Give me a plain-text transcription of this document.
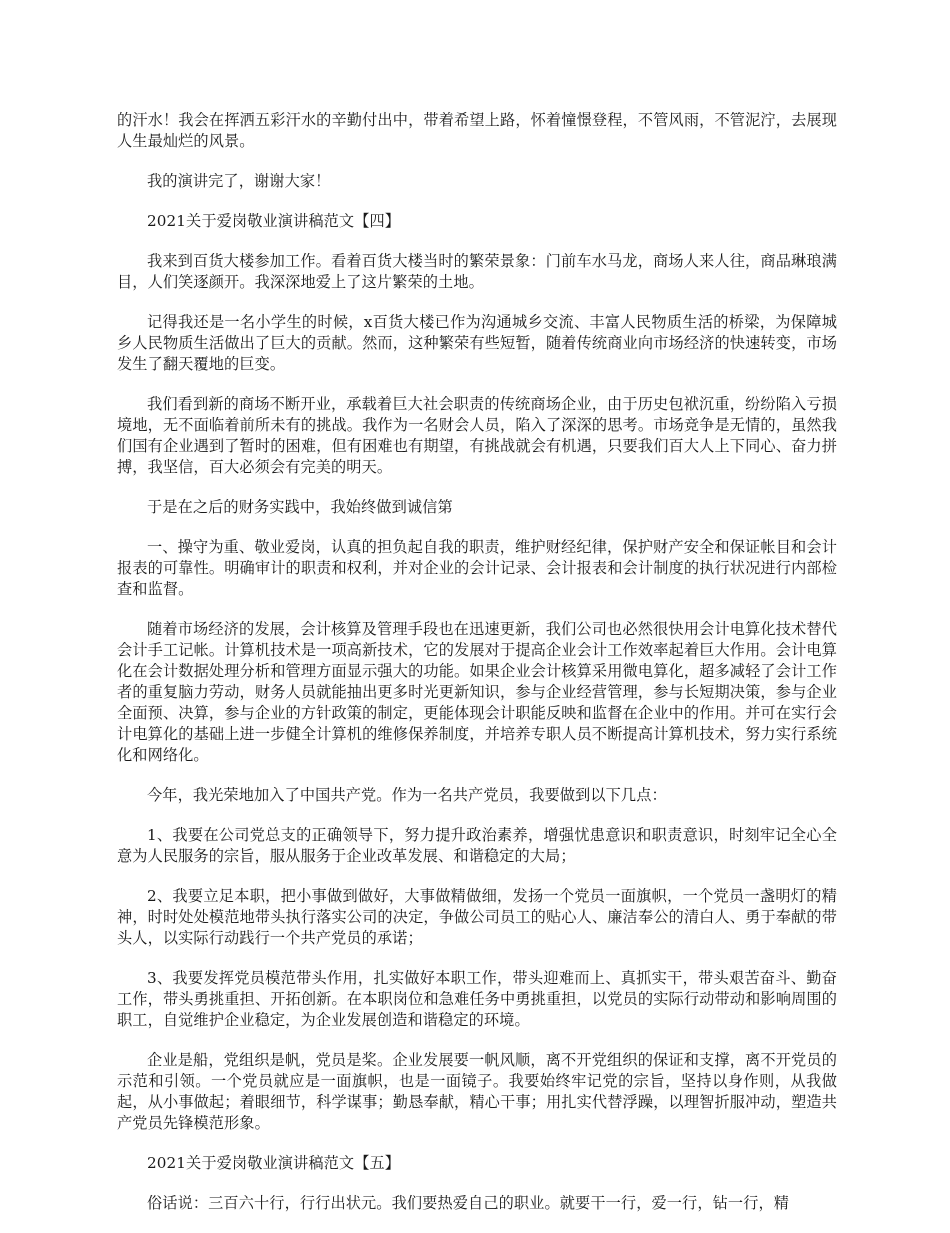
的汗水！我会在挥洒五彩汗水的辛勤付出中，带着希望上路，怀着憧憬登程，不管风雨，不管泥泞，去展现人生最灿烂的风景。

我的演讲完了，谢谢大家！

2021关于爱岗敬业演讲稿范文【四】

我来到百货大楼参加工作。看着百货大楼当时的繁荣景象：门前车水马龙，商场人来人往，商品琳琅满目，人们笑逐颜开。我深深地爱上了这片繁荣的土地。

记得我还是一名小学生的时候，x百货大楼已作为沟通城乡交流、丰富人民物质生活的桥梁，为保障城乡人民物质生活做出了巨大的贡献。然而，这种繁荣有些短暂，随着传统商业向市场经济的快速转变，市场发生了翻天覆地的巨变。

我们看到新的商场不断开业，承载着巨大社会职责的传统商场企业，由于历史包袱沉重，纷纷陷入亏损境地，无不面临着前所未有的挑战。我作为一名财会人员，陷入了深深的思考。市场竞争是无情的，虽然我们国有企业遇到了暂时的困难，但有困难也有期望，有挑战就会有机遇，只要我们百大人上下同心、奋力拼搏，我坚信，百大必须会有完美的明天。

于是在之后的财务实践中，我始终做到诚信第

一、操守为重、敬业爱岗，认真的担负起自我的职责，维护财经纪律，保护财产安全和保证帐目和会计报表的可靠性。明确审计的职责和权利，并对企业的会计记录、会计报表和会计制度的执行状况进行内部检查和监督。

随着市场经济的发展，会计核算及管理手段也在迅速更新，我们公司也必然很快用会计电算化技术替代会计手工记帐。计算机技术是一项高新技术，它的发展对于提高企业会计工作效率起着巨大作用。会计电算化在会计数据处理分析和管理方面显示强大的功能。如果企业会计核算采用微电算化，超多减轻了会计工作者的重复脑力劳动，财务人员就能抽出更多时光更新知识，参与企业经营管理，参与长短期决策，参与企业全面预、决算，参与企业的方针政策的制定，更能体现会计职能反映和监督在企业中的作用。并可在实行会计电算化的基础上进一步健全计算机的维修保养制度，并培养专职人员不断提高计算机技术，努力实行系统化和网络化。

今年，我光荣地加入了中国共产党。作为一名共产党员，我要做到以下几点：

1、我要在公司党总支的正确领导下，努力提升政治素养，增强忧患意识和职责意识，时刻牢记全心全意为人民服务的宗旨，服从服务于企业改革发展、和谐稳定的大局；

2、我要立足本职，把小事做到做好，大事做精做细，发扬一个党员一面旗帜，一个党员一盏明灯的精神，时时处处模范地带头执行落实公司的决定，争做公司员工的贴心人、廉洁奉公的清白人、勇于奉献的带头人，以实际行动践行一个共产党员的承诺；

3、我要发挥党员模范带头作用，扎实做好本职工作，带头迎难而上、真抓实干，带头艰苦奋斗、勤奋工作，带头勇挑重担、开拓创新。在本职岗位和急难任务中勇挑重担，以党员的实际行动带动和影响周围的职工，自觉维护企业稳定，为企业发展创造和谐稳定的环境。

企业是船，党组织是帆，党员是桨。企业发展要一帆风顺，离不开党组织的保证和支撑，离不开党员的示范和引领。一个党员就应是一面旗帜，也是一面镜子。我要始终牢记党的宗旨，坚持以身作则，从我做起，从小事做起；着眼细节，科学谋事；勤恳奉献，精心干事；用扎实代替浮躁，以理智折服冲动，塑造共产党员先锋模范形象。

2021关于爱岗敬业演讲稿范文【五】

俗话说：三百六十行，行行出状元。我们要热爱自己的职业。就要干一行，爱一行，钻一行，精
